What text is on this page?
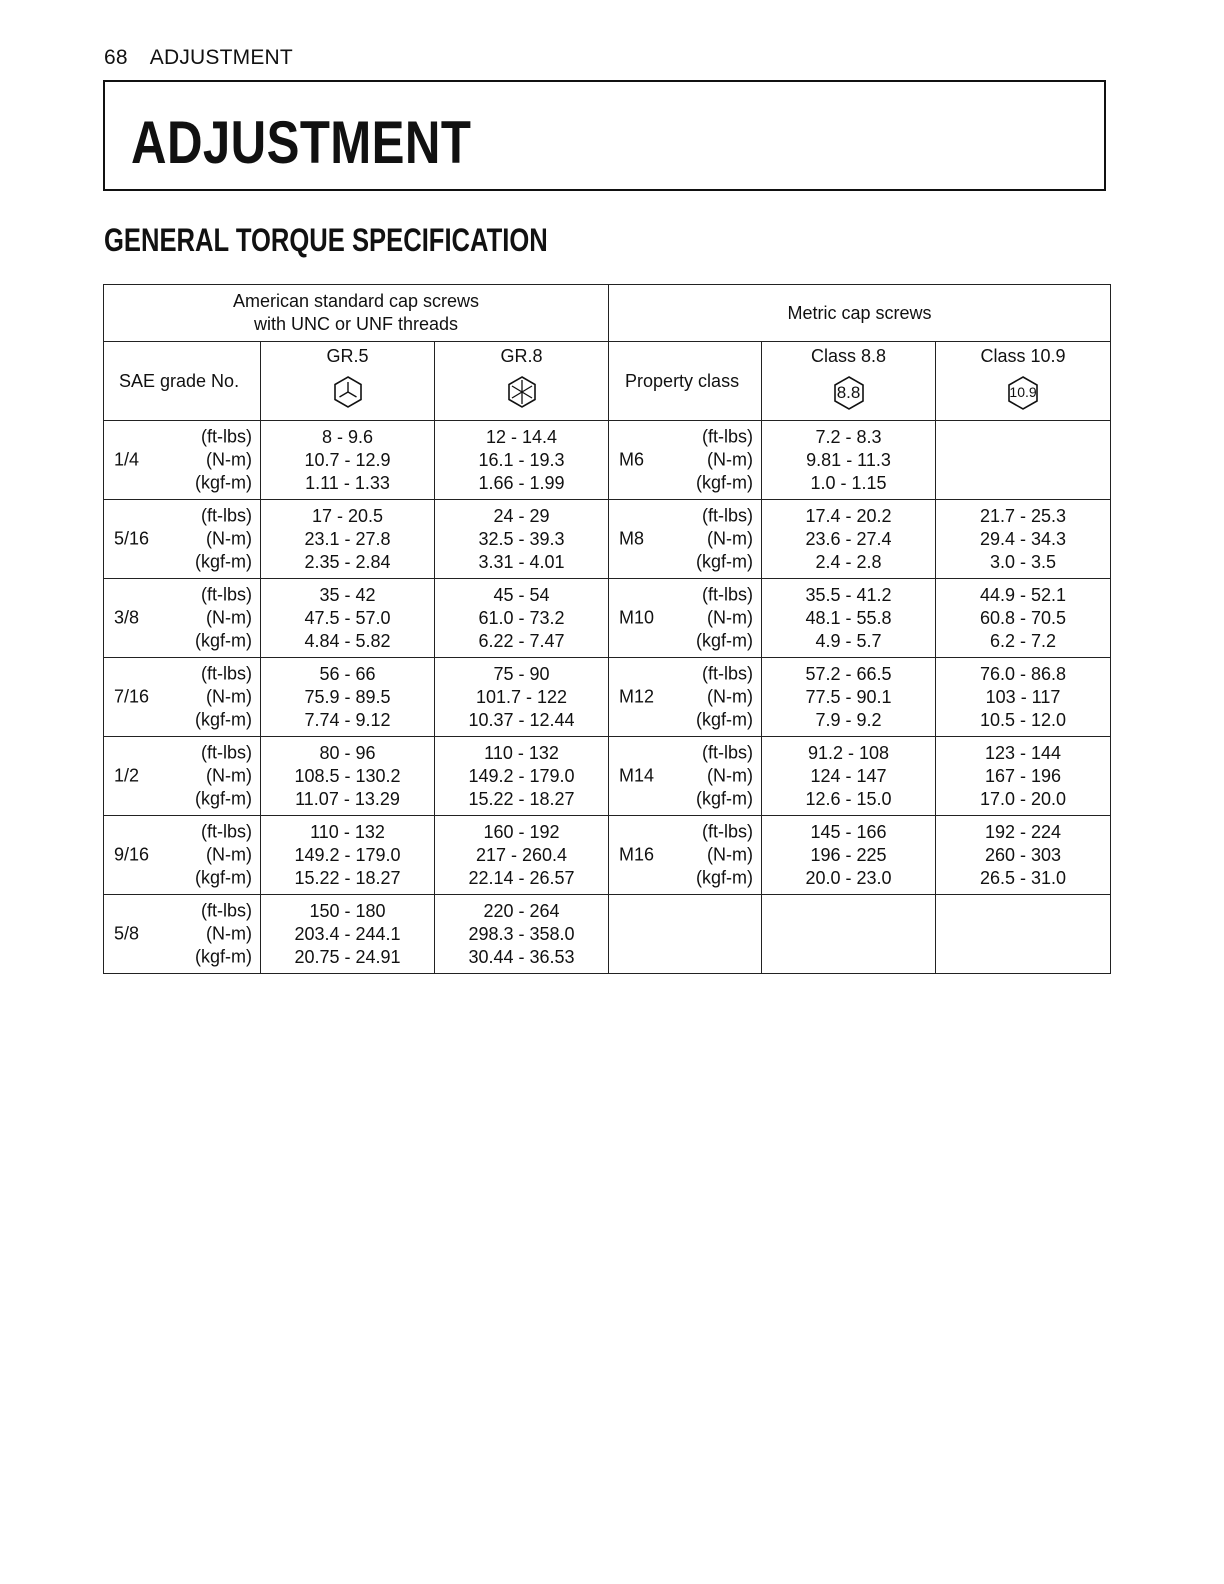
68 ADJUSTMENT
ADJUSTMENT
GENERAL TORQUE SPECIFICATION
American standard cap screws
with UNC or UNF threads			Metric cap screws		
SAE grade No.	GR.5	GR.8	Property class	Class 8.8
8.8	Class 10.9
10.9

1/4
(ft-lbs)
(N-m)
(kgf-m)	8 - 9.6
10.7 - 12.9
1.11 - 1.33	12 - 14.4
16.1 - 19.3
1.66 - 1.99	M6
(ft-lbs)
(N-m)
(kgf-m)	7.2 - 8.3
9.81 - 11.3
1.0 - 1.15	

5/16
(ft-lbs)
(N-m)
(kgf-m)	17 - 20.5
23.1 - 27.8
2.35 - 2.84	24 - 29
32.5 - 39.3
3.31 - 4.01	M8
(ft-lbs)
(N-m)
(kgf-m)	17.4 - 20.2
23.6 - 27.4
2.4 - 2.8	21.7 - 25.3
29.4 - 34.3
3.0 - 3.5

3/8
(ft-lbs)
(N-m)
(kgf-m)	35 - 42
47.5 - 57.0
4.84 - 5.82	45 - 54
61.0 - 73.2
6.22 - 7.47	M10
(ft-lbs)
(N-m)
(kgf-m)	35.5 - 41.2
48.1 - 55.8
4.9 - 5.7	44.9 - 52.1
60.8 - 70.5
6.2 - 7.2

7/16
(ft-lbs)
(N-m)
(kgf-m)	56 - 66
75.9 - 89.5
7.74 - 9.12	75 - 90
101.7 - 122
10.37 - 12.44	M12
(ft-lbs)
(N-m)
(kgf-m)	57.2 - 66.5
77.5 - 90.1
7.9 - 9.2	76.0 - 86.8
103 - 117
10.5 - 12.0

1/2
(ft-lbs)
(N-m)
(kgf-m)	80 - 96
108.5 - 130.2
11.07 - 13.29	110 - 132
149.2 - 179.0
15.22 - 18.27	M14
(ft-lbs)
(N-m)
(kgf-m)	91.2 - 108
124 - 147
12.6 - 15.0	123 - 144
167 - 196
17.0 - 20.0

9/16
(ft-lbs)
(N-m)
(kgf-m)	110 - 132
149.2 - 179.0
15.22 - 18.27	160 - 192
217 - 260.4
22.14 - 26.57	M16
(ft-lbs)
(N-m)
(kgf-m)	145 - 166
196 - 225
20.0 - 23.0	192 - 224
260 - 303
26.5 - 31.0

5/8
(ft-lbs)
(N-m)
(kgf-m)	150 - 180
203.4 - 244.1
20.75 - 24.91	220 - 264
298.3 - 358.0
30.44 - 36.53			
